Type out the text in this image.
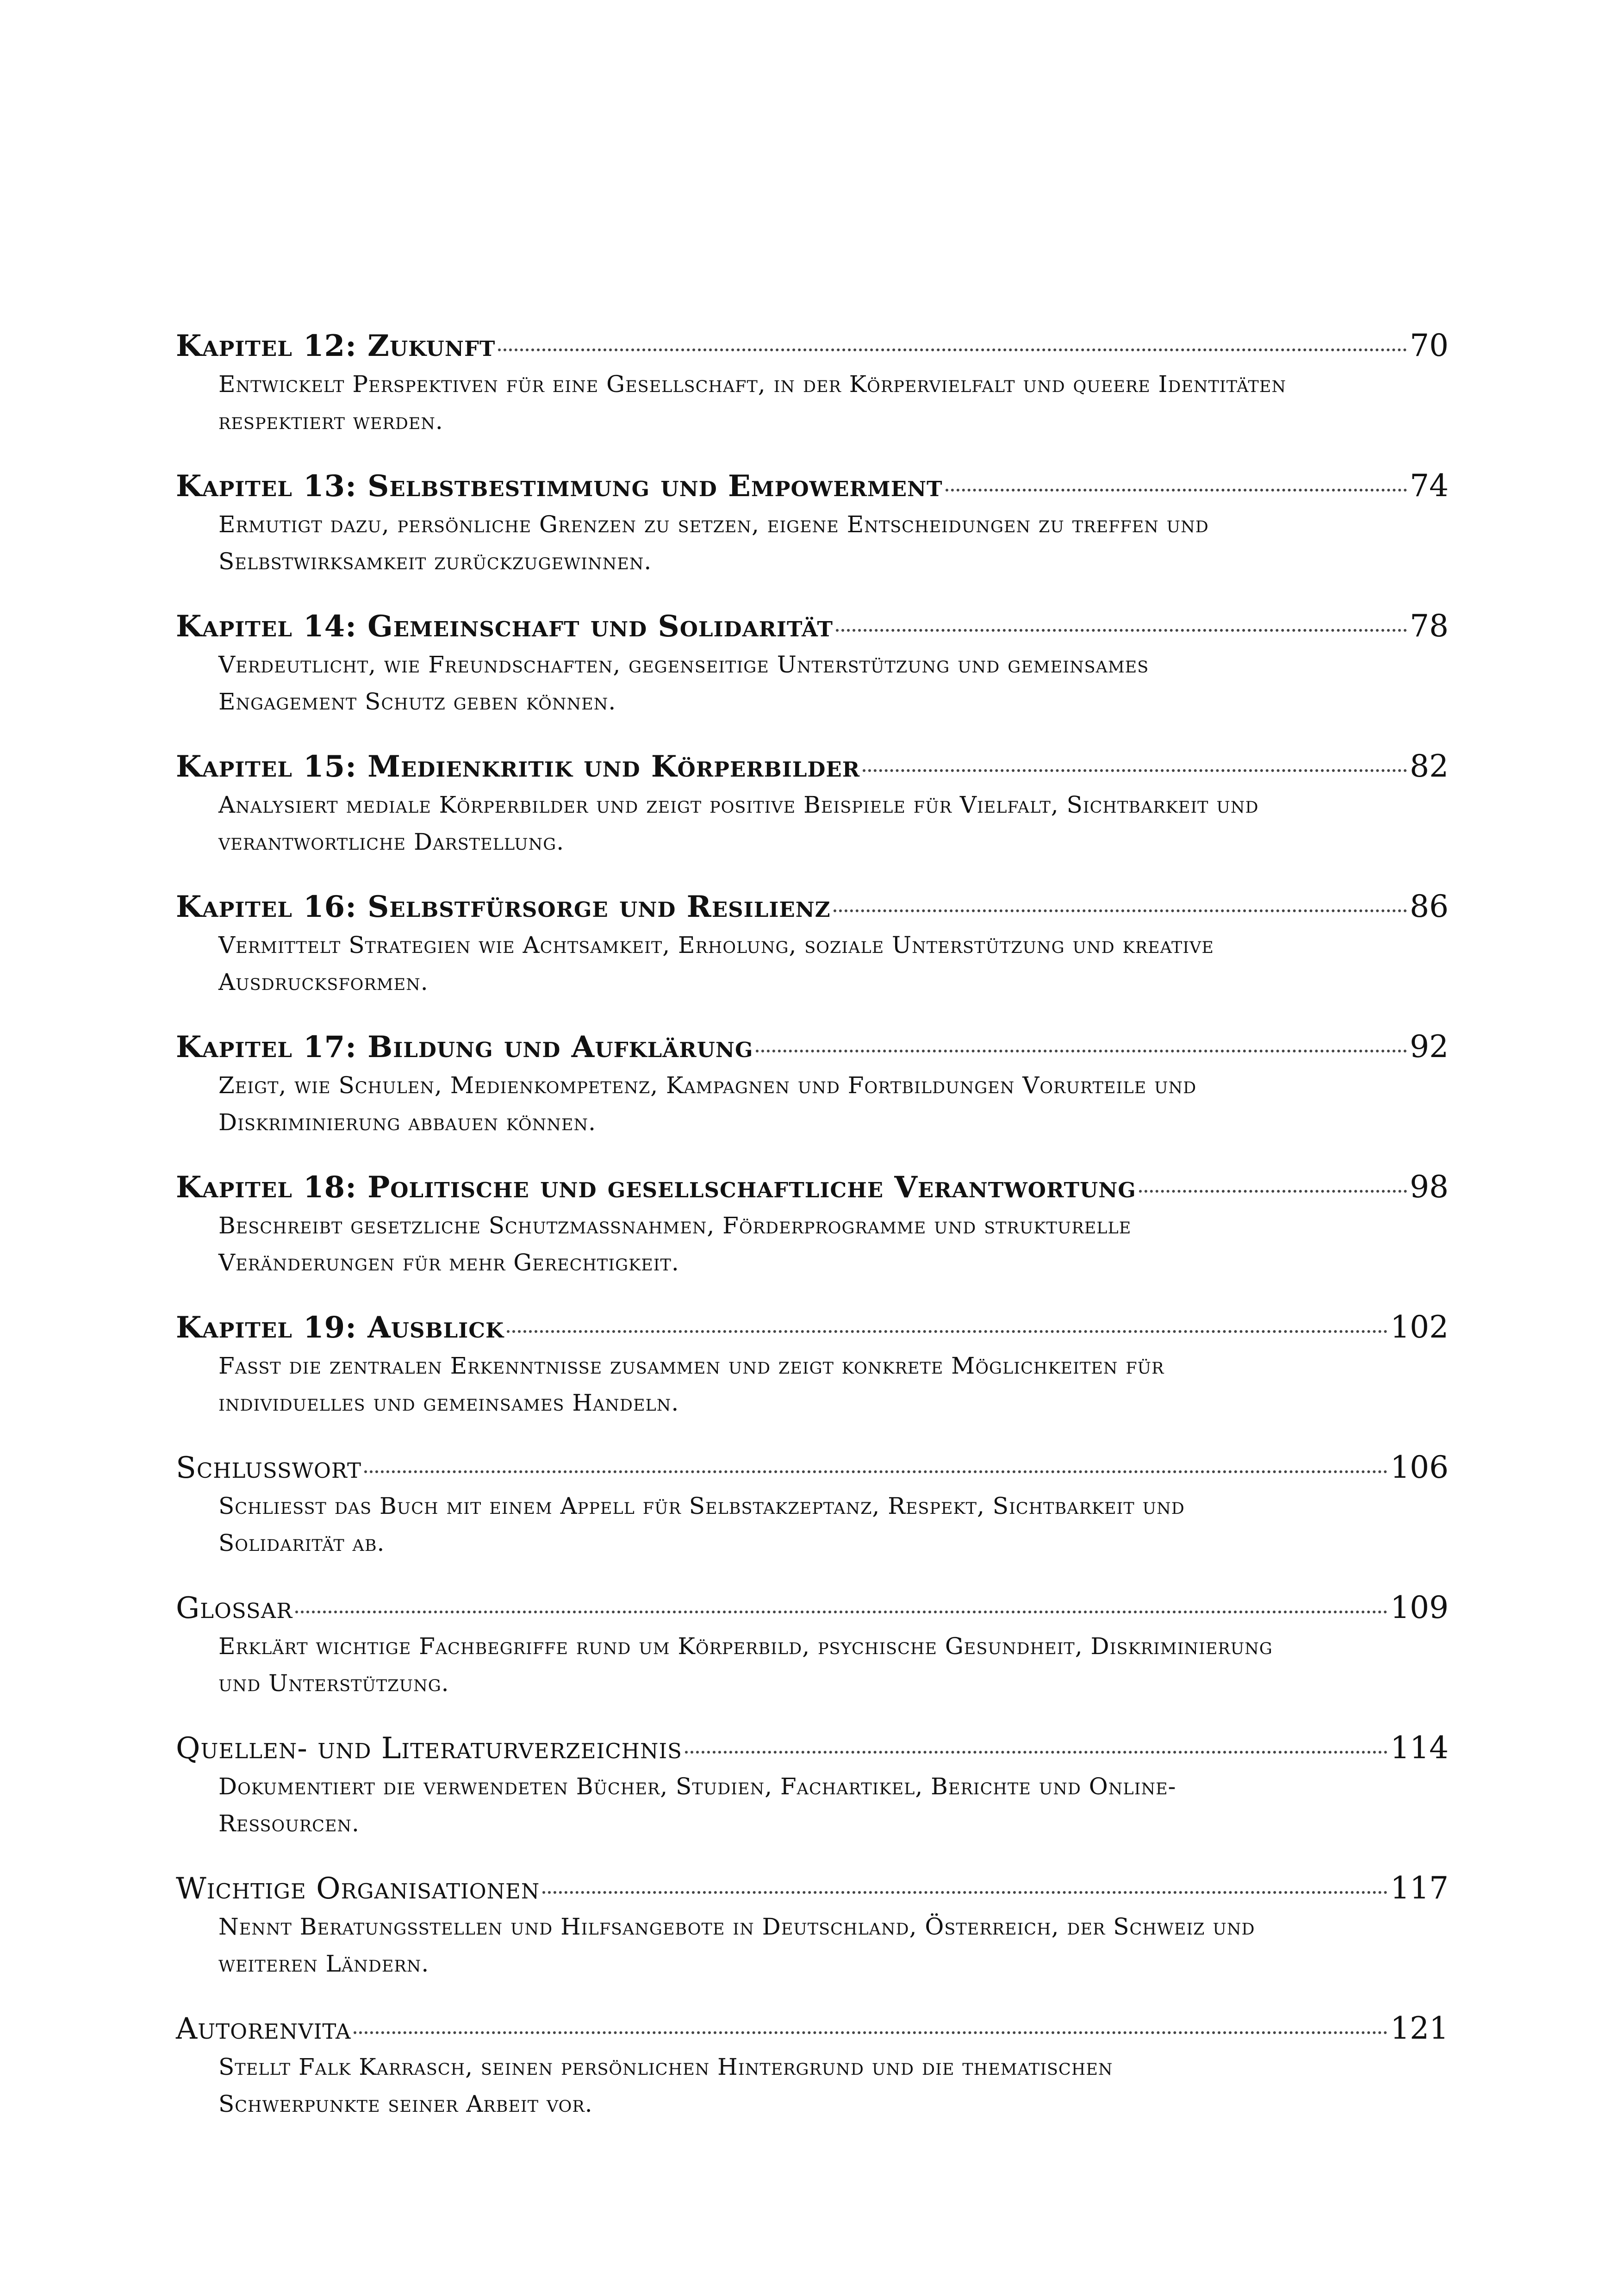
Kapitel 12: Zukunft	70
Entwickelt Perspektiven für eine Gesellschaft, in der Körpervielfalt und queere Identitäten
respektiert werden.
Kapitel 13: Selbstbestimmung und Empowerment	74
Ermutigt dazu, persönliche Grenzen zu setzen, eigene Entscheidungen zu treffen und
Selbstwirksamkeit zurückzugewinnen.
Kapitel 14: Gemeinschaft und Solidarität	78
Verdeutlicht, wie Freundschaften, gegenseitige Unterstützung und gemeinsames
Engagement Schutz geben können.
Kapitel 15: Medienkritik und Körperbilder	82
Analysiert mediale Körperbilder und zeigt positive Beispiele für Vielfalt, Sichtbarkeit und
verantwortliche Darstellung.
Kapitel 16: Selbstfürsorge und Resilienz	86
Vermittelt Strategien wie Achtsamkeit, Erholung, soziale Unterstützung und kreative
Ausdrucksformen.
Kapitel 17: Bildung und Aufklärung	92
Zeigt, wie Schulen, Medienkompetenz, Kampagnen und Fortbildungen Vorurteile und
Diskriminierung abbauen können.
Kapitel 18: Politische und gesellschaftliche Verantwortung	98
Beschreibt gesetzliche Schutzmassnahmen, Förderprogramme und strukturelle
Veränderungen für mehr Gerechtigkeit.
Kapitel 19: Ausblick	102
Fasst die zentralen Erkenntnisse zusammen und zeigt konkrete Möglichkeiten für
individuelles und gemeinsames Handeln.
Schlusswort	106
Schliesst das Buch mit einem Appell für Selbstakzeptanz, Respekt, Sichtbarkeit und
Solidarität ab.
Glossar	109
Erklärt wichtige Fachbegriffe rund um Körperbild, psychische Gesundheit, Diskriminierung
und Unterstützung.
Quellen- und Literaturverzeichnis	114
Dokumentiert die verwendeten Bücher, Studien, Fachartikel, Berichte und Online-
Ressourcen.
Wichtige Organisationen	117
Nennt Beratungsstellen und Hilfsangebote in Deutschland, Österreich, der Schweiz und
weiteren Ländern.
Autorenvita	121
Stellt Falk Karrasch, seinen persönlichen Hintergrund und die thematischen
Schwerpunkte seiner Arbeit vor.
